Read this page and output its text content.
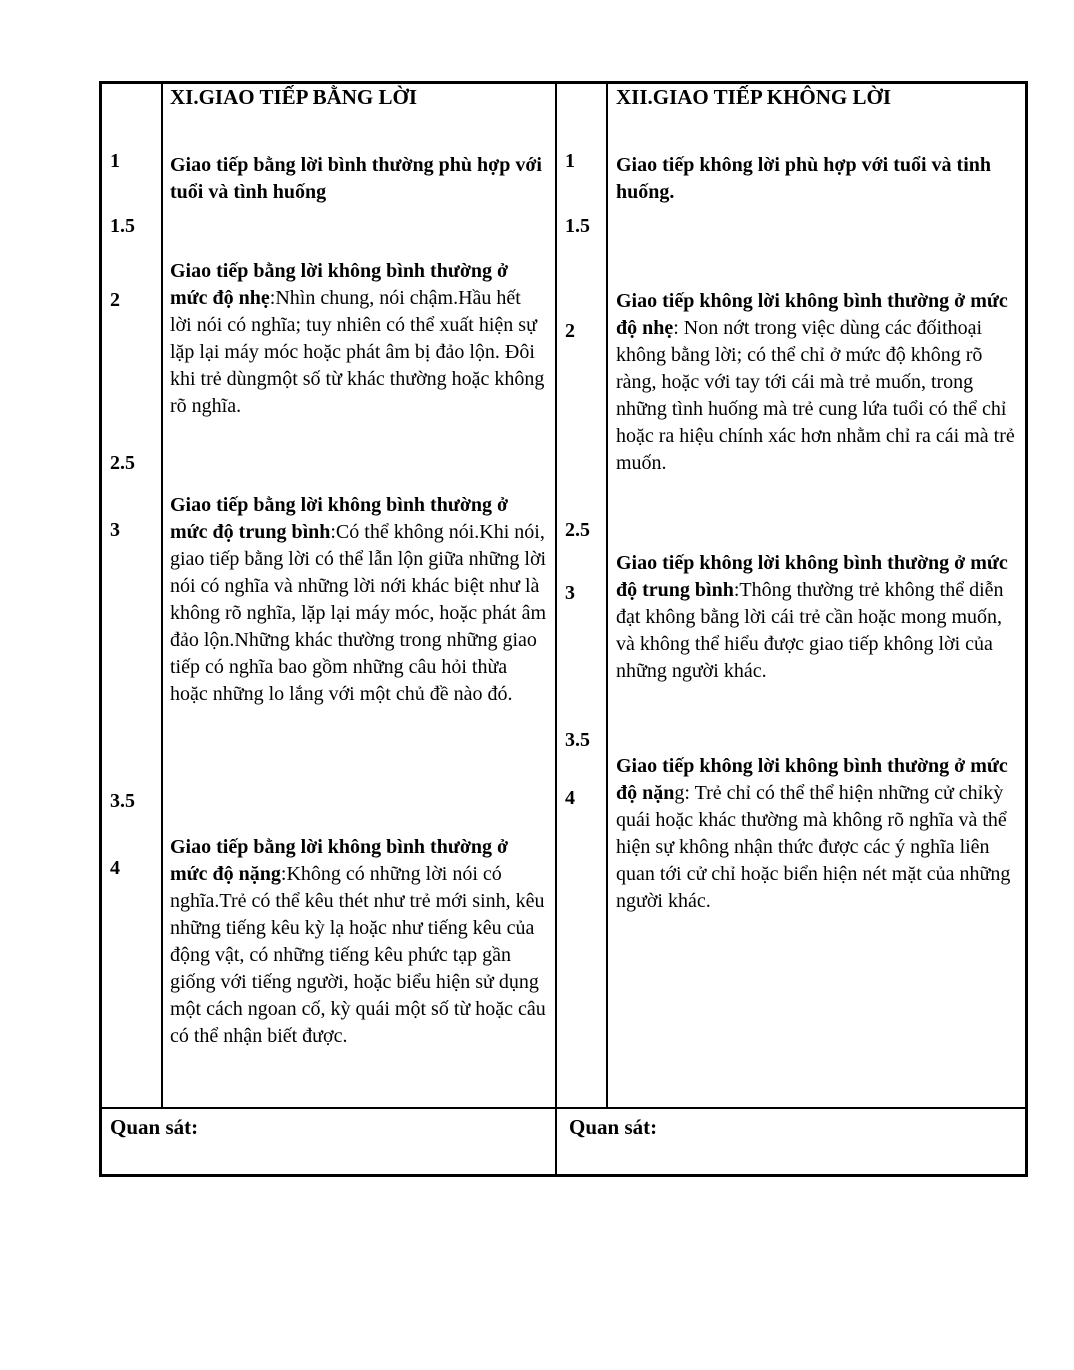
1
1.5
2
2.5
3
3.5
4
XI.GIAO TIẾP BẰNG LỜI
Giao tiếp bằng lời bình thường phù hợp với tuổi và tình huống
Giao tiếp bằng lời không bình thường ở mức độ nhẹ:Nhìn chung, nói chậm.Hầu hết lời nói có nghĩa; tuy nhiên có thể xuất hiện sự lặp lại máy móc hoặc phát âm bị đảo lộn. Đôi khi trẻ dùngmột số từ khác thường hoặc không rõ nghĩa.
Giao tiếp bằng lời không bình thường ở mức độ trung bình:Có thể không nói.Khi nói, giao tiếp bằng lời có thể lẫn lộn giữa những lời nói có nghĩa và những lời nới khác biệt như là không rõ nghĩa, lặp lại máy móc, hoặc phát âm đảo lộn.Những khác thường trong những giao tiếp có nghĩa bao gồm những câu hỏi thừa hoặc những lo lắng với một chủ đề nào đó.
Giao tiếp bằng lời không bình thường ở mức độ nặng:Không có những lời nói có nghĩa.Trẻ có thể kêu thét như trẻ mới sinh, kêu những tiếng kêu kỳ lạ hoặc như tiếng kêu của động vật, có những tiếng kêu phức tạp gần giống với tiếng người, hoặc biểu hiện sử dụng một cách ngoan cố, kỳ quái một số từ hoặc câu có thể nhận biết được.
Quan sát:
1
1.5
2
2.5
3
3.5
4
XII.GIAO TIẾP KHÔNG LỜI
Giao tiếp không lời phù hợp với tuổi và tinh huống.
Giao tiếp không lời không bình thường ở mức độ nhẹ: Non nớt trong việc dùng các đốithoại không bằng lời; có thể chỉ ở mức độ không rõ ràng, hoặc với tay tới cái mà trẻ muốn, trong những tình huống mà trẻ cung lứa tuổi có thể chỉ hoặc ra hiệu chính xác hơn nhằm chỉ ra cái mà trẻ muốn.
Giao tiếp không lời không bình thường ở mức độ trung bình:Thông thường trẻ không thể diễn đạt không bằng lời cái trẻ cần hoặc mong muốn, và không thể hiểu được giao tiếp không lời của những người khác.
Giao tiếp không lời không bình thường ở mức độ nặng: Trẻ chỉ có thể thể hiện những cử chỉkỳ quái hoặc khác thường mà không rõ nghĩa và thể hiện sự không nhận thức được các ý nghĩa liên quan tới cử chỉ hoặc biển hiện nét mặt của những người khác.
Quan sát:
